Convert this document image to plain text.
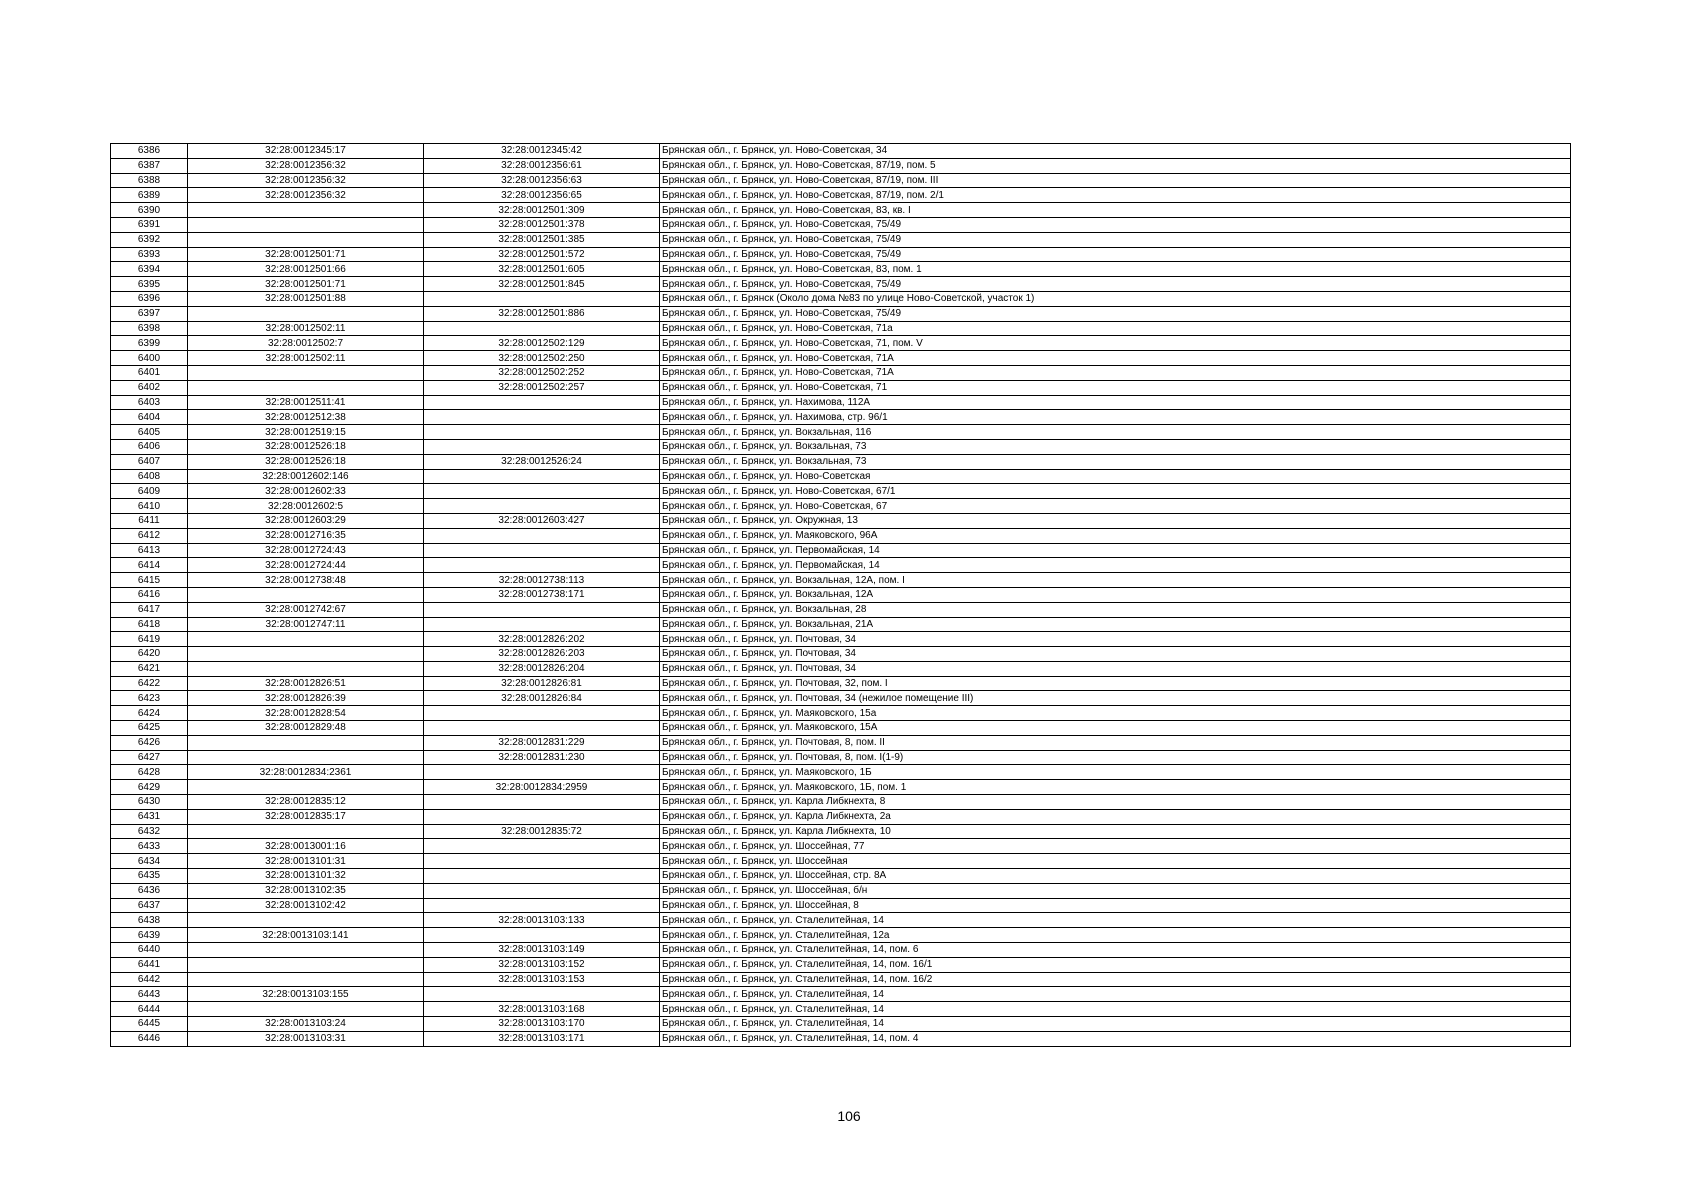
6386	32:28:0012345:17	32:28:0012345:42	Брянская обл., г. Брянск, ул. Ново-Советская, 34
6387	32:28:0012356:32	32:28:0012356:61	Брянская обл., г. Брянск, ул. Ново-Советская, 87/19, пом. 5
6388	32:28:0012356:32	32:28:0012356:63	Брянская обл., г. Брянск, ул. Ново-Советская, 87/19, пом. III
6389	32:28:0012356:32	32:28:0012356:65	Брянская обл., г. Брянск, ул. Ново-Советская, 87/19, пом. 2/1
6390		32:28:0012501:309	Брянская обл., г. Брянск, ул. Ново-Советская, 83, кв. I
6391		32:28:0012501:378	Брянская обл., г. Брянск, ул. Ново-Советская, 75/49
6392		32:28:0012501:385	Брянская обл., г. Брянск, ул. Ново-Советская, 75/49
6393	32:28:0012501:71	32:28:0012501:572	Брянская обл., г. Брянск, ул. Ново-Советская, 75/49
6394	32:28:0012501:66	32:28:0012501:605	Брянская обл., г. Брянск, ул. Ново-Советская, 83, пом. 1
6395	32:28:0012501:71	32:28:0012501:845	Брянская обл., г. Брянск, ул. Ново-Советская, 75/49
6396	32:28:0012501:88		Брянская обл., г. Брянск (Около дома №83 по улице Ново-Советской, участок 1)
6397		32:28:0012501:886	Брянская обл., г. Брянск, ул. Ново-Советская, 75/49
6398	32:28:0012502:11		Брянская обл., г. Брянск, ул. Ново-Советская, 71а
6399	32:28:0012502:7	32:28:0012502:129	Брянская обл., г. Брянск, ул. Ново-Советская, 71, пом. V
6400	32:28:0012502:11	32:28:0012502:250	Брянская обл., г. Брянск, ул. Ново-Советская, 71А
6401		32:28:0012502:252	Брянская обл., г. Брянск, ул. Ново-Советская, 71А
6402		32:28:0012502:257	Брянская обл., г. Брянск, ул. Ново-Советская, 71
6403	32:28:0012511:41		Брянская обл., г. Брянск, ул. Нахимова, 112А
6404	32:28:0012512:38		Брянская обл., г. Брянск, ул. Нахимова, стр. 96/1
6405	32:28:0012519:15		Брянская обл., г. Брянск, ул. Вокзальная, 116
6406	32:28:0012526:18		Брянская обл., г. Брянск, ул. Вокзальная, 73
6407	32:28:0012526:18	32:28:0012526:24	Брянская обл., г. Брянск, ул. Вокзальная, 73
6408	32:28:0012602:146		Брянская обл., г. Брянск, ул. Ново-Советская
6409	32:28:0012602:33		Брянская обл., г. Брянск, ул. Ново-Советская, 67/1
6410	32:28:0012602:5		Брянская обл., г. Брянск, ул. Ново-Советская, 67
6411	32:28:0012603:29	32:28:0012603:427	Брянская обл., г. Брянск, ул. Окружная, 13
6412	32:28:0012716:35		Брянская обл., г. Брянск, ул. Маяковского, 96А
6413	32:28:0012724:43		Брянская обл., г. Брянск, ул. Первомайская, 14
6414	32:28:0012724:44		Брянская обл., г. Брянск, ул. Первомайская, 14
6415	32:28:0012738:48	32:28:0012738:113	Брянская обл., г. Брянск, ул. Вокзальная, 12А, пом. I
6416		32:28:0012738:171	Брянская обл., г. Брянск, ул. Вокзальная, 12А
6417	32:28:0012742:67		Брянская обл., г. Брянск, ул. Вокзальная, 28
6418	32:28:0012747:11		Брянская обл., г. Брянск, ул. Вокзальная, 21А
6419		32:28:0012826:202	Брянская обл., г. Брянск, ул. Почтовая, 34
6420		32:28:0012826:203	Брянская обл., г. Брянск, ул. Почтовая, 34
6421		32:28:0012826:204	Брянская обл., г. Брянск, ул. Почтовая, 34
6422	32:28:0012826:51	32:28:0012826:81	Брянская обл., г. Брянск, ул. Почтовая, 32, пом. I
6423	32:28:0012826:39	32:28:0012826:84	Брянская обл., г. Брянск, ул. Почтовая, 34 (нежилое помещение III)
6424	32:28:0012828:54		Брянская обл., г. Брянск, ул. Маяковского, 15а
6425	32:28:0012829:48		Брянская обл., г. Брянск, ул. Маяковского, 15А
6426		32:28:0012831:229	Брянская обл., г. Брянск, ул. Почтовая, 8, пом. II
6427		32:28:0012831:230	Брянская обл., г. Брянск, ул. Почтовая, 8, пом. I(1-9)
6428	32:28:0012834:2361		Брянская обл., г. Брянск, ул. Маяковского, 1Б
6429		32:28:0012834:2959	Брянская обл., г. Брянск, ул. Маяковского, 1Б, пом. 1
6430	32:28:0012835:12		Брянская обл., г. Брянск, ул. Карла Либкнехта, 8
6431	32:28:0012835:17		Брянская обл., г. Брянск, ул. Карла Либкнехта, 2а
6432		32:28:0012835:72	Брянская обл., г. Брянск, ул. Карла Либкнехта, 10
6433	32:28:0013001:16		Брянская обл., г. Брянск, ул. Шоссейная, 77
6434	32:28:0013101:31		Брянская обл., г. Брянск, ул. Шоссейная
6435	32:28:0013101:32		Брянская обл., г. Брянск, ул. Шоссейная, стр. 8А
6436	32:28:0013102:35		Брянская обл., г. Брянск, ул. Шоссейная, б/н
6437	32:28:0013102:42		Брянская обл., г. Брянск, ул. Шоссейная, 8
6438		32:28:0013103:133	Брянская обл., г. Брянск, ул. Сталелитейная, 14
6439	32:28:0013103:141		Брянская обл., г. Брянск, ул. Сталелитейная, 12а
6440		32:28:0013103:149	Брянская обл., г. Брянск, ул. Сталелитейная, 14, пом. 6
6441		32:28:0013103:152	Брянская обл., г. Брянск, ул. Сталелитейная, 14, пом. 16/1
6442		32:28:0013103:153	Брянская обл., г. Брянск, ул. Сталелитейная, 14, пом. 16/2
6443	32:28:0013103:155		Брянская обл., г. Брянск, ул. Сталелитейная, 14
6444		32:28:0013103:168	Брянская обл., г. Брянск, ул. Сталелитейная, 14
6445	32:28:0013103:24	32:28:0013103:170	Брянская обл., г. Брянск, ул. Сталелитейная, 14
6446	32:28:0013103:31	32:28:0013103:171	Брянская обл., г. Брянск, ул. Сталелитейная, 14, пом. 4
106
